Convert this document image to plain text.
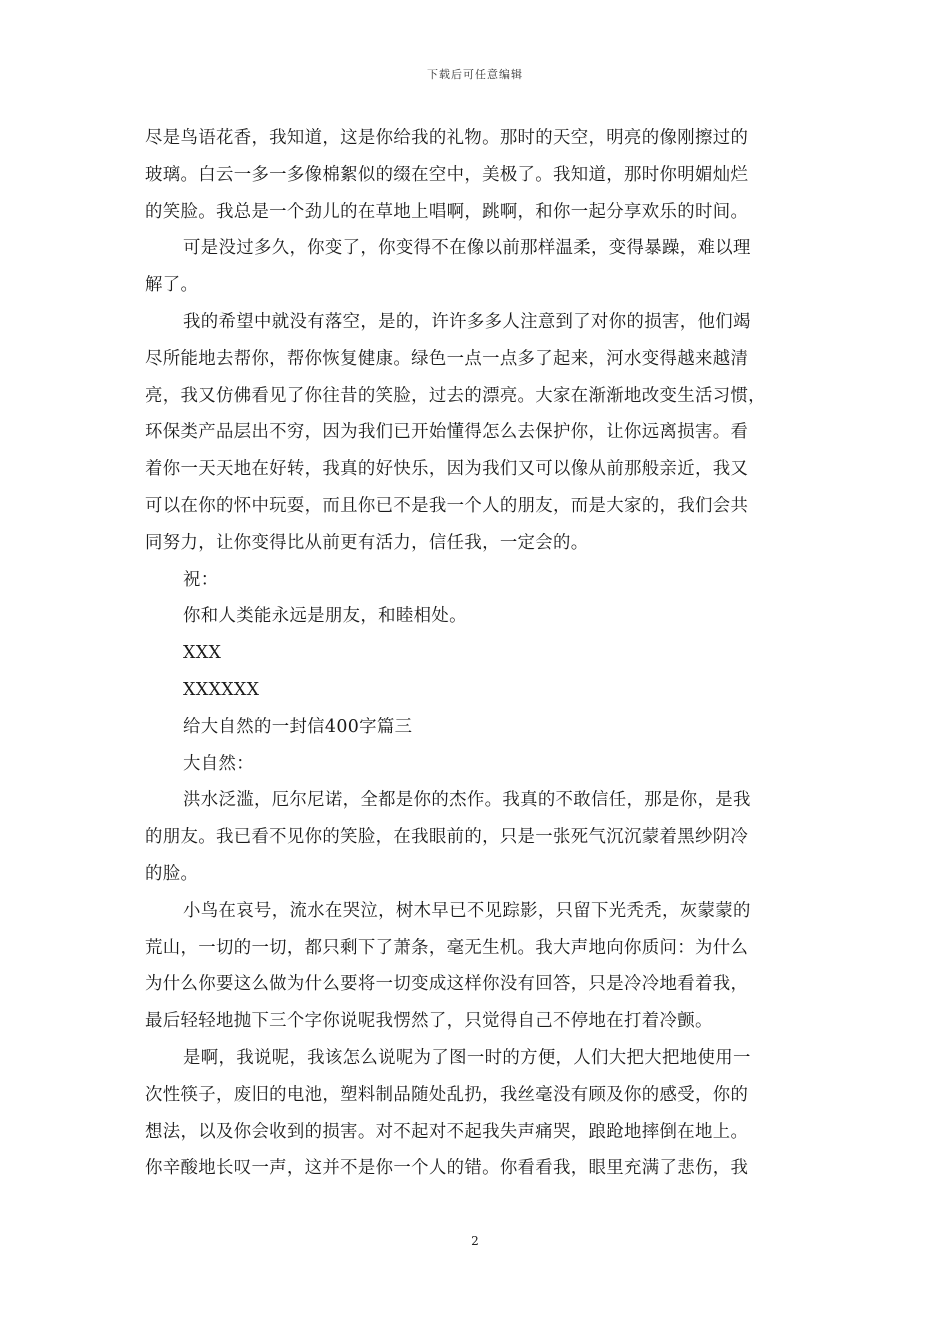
下载后可任意编辑
尽是鸟语花香，我知道，这是你给我的礼物。那时的天空，明亮的像刚擦过的
玻璃。白云一多一多像棉絮似的缀在空中，美极了。我知道，那时你明媚灿烂
的笑脸。我总是一个劲儿的在草地上唱啊，跳啊，和你一起分享欢乐的时间。
可是没过多久，你变了，你变得不在像以前那样温柔，变得暴躁，难以理
解了。
我的希望中就没有落空，是的，许许多多人注意到了对你的损害，他们竭
尽所能地去帮你，帮你恢复健康。绿色一点一点多了起来，河水变得越来越清
亮，我又仿佛看见了你往昔的笑脸，过去的漂亮。大家在渐渐地改变生活习惯，
环保类产品层出不穷，因为我们已开始懂得怎么去保护你，让你远离损害。看
着你一天天地在好转，我真的好快乐，因为我们又可以像从前那般亲近，我又
可以在你的怀中玩耍，而且你已不是我一个人的朋友，而是大家的，我们会共
同努力，让你变得比从前更有活力，信任我，一定会的。
祝：
你和人类能永远是朋友，和睦相处。
XXX
XXXXXX
给大自然的一封信400字篇三
大自然：
洪水泛滥，厄尔尼诺，全都是你的杰作。我真的不敢信任，那是你，是我
的朋友。我已看不见你的笑脸，在我眼前的，只是一张死气沉沉蒙着黑纱阴冷
的脸。
小鸟在哀号，流水在哭泣，树木早已不见踪影，只留下光秃秃，灰蒙蒙的
荒山，一切的一切，都只剩下了萧条，毫无生机。我大声地向你质问：为什么
为什么你要这么做为什么要将一切变成这样你没有回答，只是冷冷地看着我，
最后轻轻地抛下三个字你说呢我愣然了，只觉得自己不停地在打着冷颤。
是啊，我说呢，我该怎么说呢为了图一时的方便，人们大把大把地使用一
次性筷子，废旧的电池，塑料制品随处乱扔，我丝毫没有顾及你的感受，你的
想法，以及你会收到的损害。对不起对不起我失声痛哭，踉跄地摔倒在地上。
你辛酸地长叹一声，这并不是你一个人的错。你看看我，眼里充满了悲伤，我
2
